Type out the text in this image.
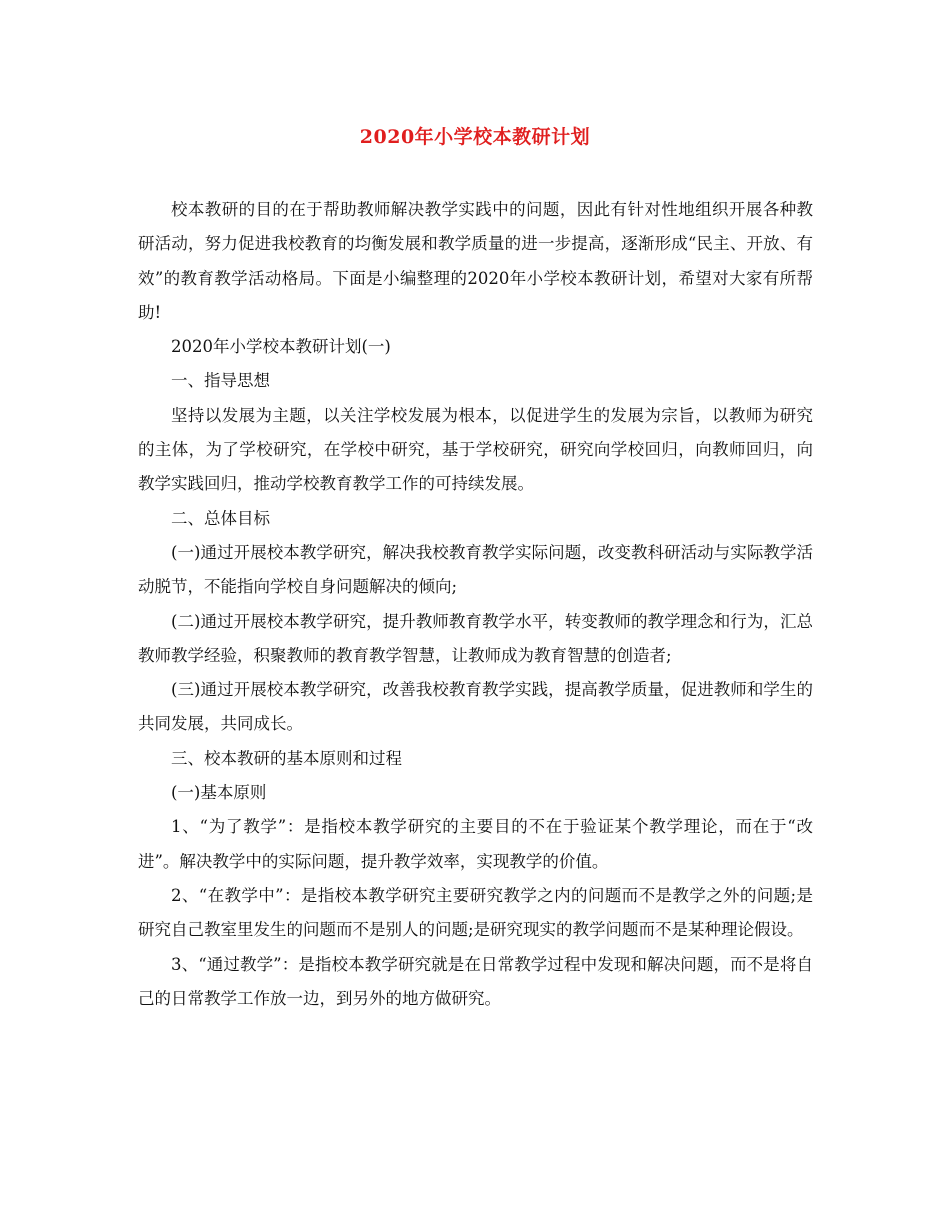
2020年小学校本教研计划

校本教研的目的在于帮助教师解决教学实践中的问题，因此有针对性地组织开展各种教研活动，努力促进我校教育的均衡发展和教学质量的进一步提高，逐渐形成“民主、开放、有效”的教育教学活动格局。下面是小编整理的2020年小学校本教研计划，希望对大家有所帮助!

2020年小学校本教研计划(一)

一、指导思想

坚持以发展为主题，以关注学校发展为根本，以促进学生的发展为宗旨，以教师为研究的主体，为了学校研究，在学校中研究，基于学校研究，研究向学校回归，向教师回归，向教学实践回归，推动学校教育教学工作的可持续发展。

二、总体目标

(一)通过开展校本教学研究，解决我校教育教学实际问题，改变教科研活动与实际教学活动脱节，不能指向学校自身问题解决的倾向;

(二)通过开展校本教学研究，提升教师教育教学水平，转变教师的教学理念和行为，汇总教师教学经验，积聚教师的教育教学智慧，让教师成为教育智慧的创造者;

(三)通过开展校本教学研究，改善我校教育教学实践，提高教学质量，促进教师和学生的共同发展，共同成长。

三、校本教研的基本原则和过程

(一)基本原则

1、“为了教学”：是指校本教学研究的主要目的不在于验证某个教学理论，而在于“改进”。解决教学中的实际问题，提升教学效率，实现教学的价值。

2、“在教学中”：是指校本教学研究主要研究教学之内的问题而不是教学之外的问题;是研究自己教室里发生的问题而不是别人的问题;是研究现实的教学问题而不是某种理论假设。

3、“通过教学”：是指校本教学研究就是在日常教学过程中发现和解决问题，而不是将自己的日常教学工作放一边，到另外的地方做研究。
